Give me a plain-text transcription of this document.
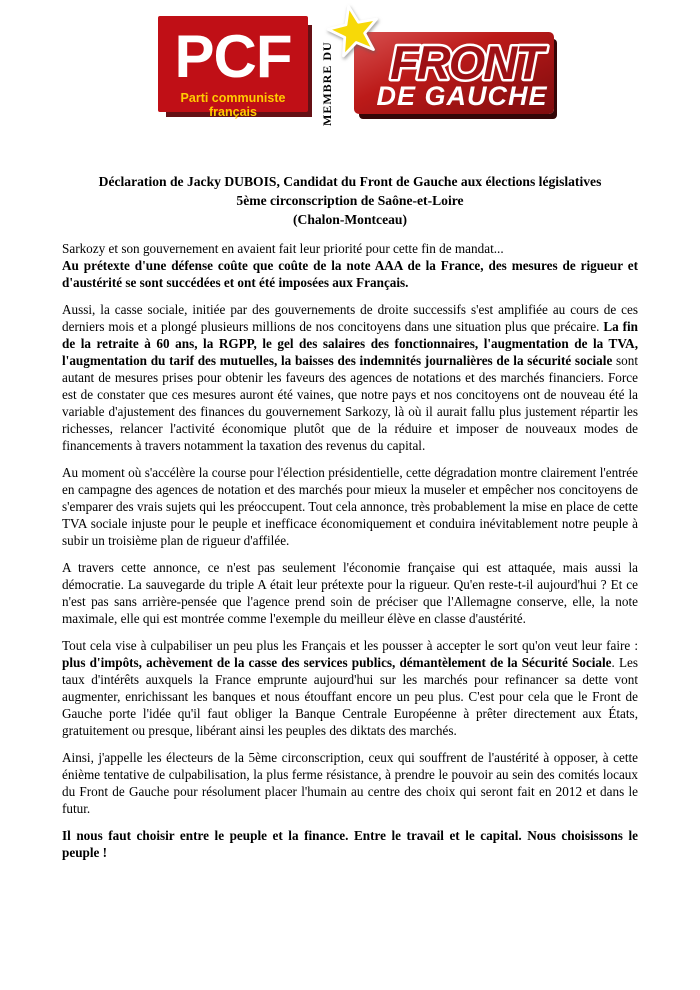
PCF
Parti communiste français	MEMBRE DU FRONT
DE GAUCHE
Déclaration de Jacky DUBOIS, Candidat du Front de Gauche aux élections législatives
5ème circonscription de Saône-et-Loire
(Chalon-Montceau)

Sarkozy et son gouvernement en avaient fait leur priorité pour cette fin de mandat...
Au prétexte d'une défense coûte que coûte de la note AAA de la France, des mesures de rigueur et d'austérité se sont succédées et ont été imposées aux Français.

Aussi, la casse sociale, initiée par des gouvernements de droite successifs s'est amplifiée au cours de ces derniers mois et a plongé plusieurs millions de nos concitoyens dans une situation plus que précaire. La fin de la retraite à 60 ans, la RGPP, le gel des salaires des fonctionnaires, l'augmentation de la TVA, l'augmentation du tarif des mutuelles, la baisses des indemnités journalières de la sécurité sociale sont autant de mesures prises pour obtenir les faveurs des agences de notations et des marchés financiers. Force est de constater que ces mesures auront été vaines, que notre pays et nos concitoyens ont de nouveau été la variable d'ajustement des finances du gouvernement Sarkozy, là où il aurait fallu plus justement répartir les richesses, relancer l'activité économique plutôt que de la réduire et imposer de nouveaux modes de financements à travers notamment la taxation des revenus du capital.

Au moment où s'accélère la course pour l'élection présidentielle, cette dégradation montre clairement l'entrée en campagne des agences de notation et des marchés pour mieux la museler et empêcher nos concitoyens de s'emparer des vrais sujets qui les préoccupent. Tout cela annonce, très probablement la mise en place de cette TVA sociale injuste pour le peuple et inefficace économiquement et conduira inévitablement notre peuple à subir un troisième plan de rigueur d'affilée.

A travers cette annonce, ce n'est pas seulement l'économie française qui est attaquée, mais aussi la démocratie. La sauvegarde du triple A était leur prétexte pour la rigueur. Qu'en reste-t-il aujourd'hui ? Et ce n'est pas sans arrière-pensée que l'agence prend soin de préciser que l'Allemagne conserve, elle, la note maximale, elle qui est montrée comme l'exemple du meilleur élève en classe d'austérité.

Tout cela vise à culpabiliser un peu plus les Français et les pousser à accepter le sort qu'on veut leur faire : plus d'impôts, achèvement de la casse des services publics, démantèlement de la Sécurité Sociale. Les taux d'intérêts auxquels la France emprunte aujourd'hui sur les marchés pour refinancer sa dette vont augmenter, enrichissant les banques et nous étouffant encore un peu plus. C'est pour cela que le Front de Gauche porte l'idée qu'il faut obliger la Banque Centrale Européenne à prêter directement aux États, gratuitement ou presque, libérant ainsi les peuples des diktats des marchés.

Ainsi, j'appelle les électeurs de la 5ème circonscription, ceux qui souffrent de l'austérité à opposer, à cette énième tentative de culpabilisation, la plus ferme résistance, à prendre le pouvoir au sein des comités locaux du Front de Gauche pour résolument placer l'humain au centre des choix qui seront fait en 2012 et dans le futur.

Il nous faut choisir entre le peuple et la finance. Entre le travail et le capital. Nous choisissons le peuple !
